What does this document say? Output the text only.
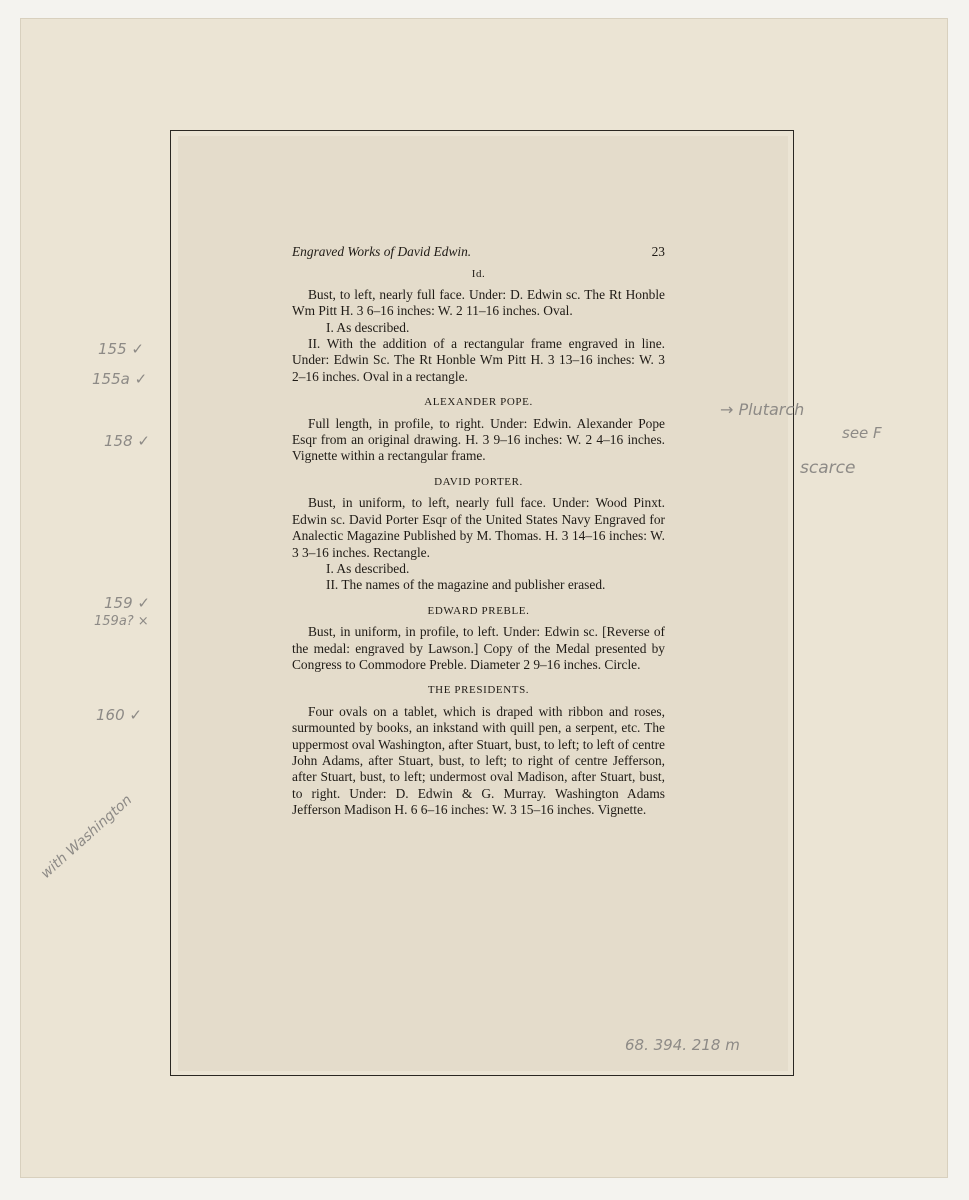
Engraved Works of David Edwin.	23
Id.

Bust, to left, nearly full face. Under: D. Edwin sc. The Rt Honble Wm Pitt H. 3 6–16 inches: W. 2 11–16 inches. Oval.

I. As described.

II. With the addition of a rectangular frame engraved in line. Under: Edwin Sc. The Rt Honble Wm Pitt H. 3 13–16 inches: W. 3 2–16 inches. Oval in a rectangle.

ALEXANDER POPE.

Full length, in profile, to right. Under: Edwin. Alexander Pope Esqr from an original drawing. H. 3 9–16 inches: W. 2 4–16 inches. Vignette within a rectangular frame.

DAVID PORTER.

Bust, in uniform, to left, nearly full face. Under: Wood Pinxt. Edwin sc. David Porter Esqr of the United States Navy Engraved for Analectic Magazine Published by M. Thomas. H. 3 14–16 inches: W. 3 3–16 inches. Rectangle.

I. As described.

II. The names of the magazine and publisher erased.

EDWARD PREBLE.

Bust, in uniform, in profile, to left. Under: Edwin sc. [Reverse of the medal: engraved by Lawson.] Copy of the Medal presented by Congress to Commodore Preble. Diameter 2 9–16 inches. Circle.

THE PRESIDENTS.

Four ovals on a tablet, which is draped with ribbon and roses, surmounted by books, an inkstand with quill pen, a serpent, etc. The uppermost oval Washington, after Stuart, bust, to left; to left of centre John Adams, after Stuart, bust, to left; to right of centre Jefferson, after Stuart, bust, to left; undermost oval Madison, after Stuart, bust, to right. Under: D. Edwin & G. Murray. Washington Adams Jefferson Madison H. 6 6–16 inches: W. 3 15–16 inches. Vignette.

155 ✓
155a ✓
158 ✓
159 ✓
159a? ×
160 ✓
→ Plutarch
see F
scarce
with Washington
68. 394. 218 m
